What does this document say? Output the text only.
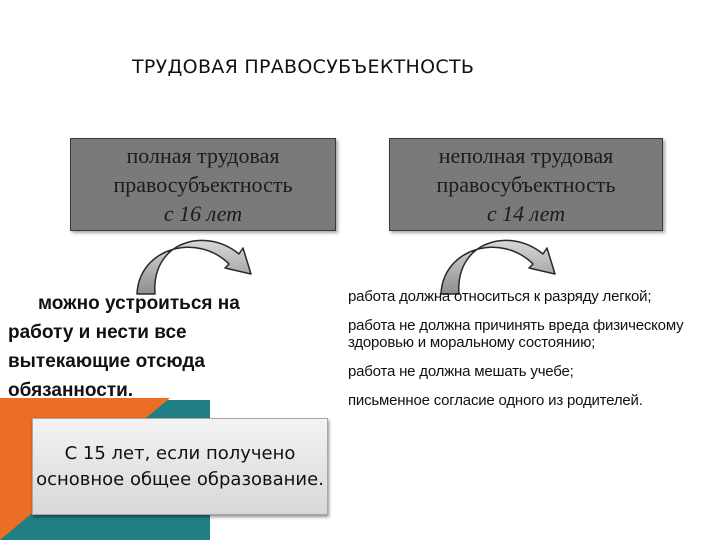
ТРУДОВАЯ ПРАВОСУБЪЕКТНОСТЬ
полная трудовая
правосубъектность
с 16 лет
неполная трудовая
правосубъектность
с 14 лет
можно устроиться на работу и нести все вытекающие отсюда обязанности.
работа должна относиться к разряду легкой;
работа не должна причинять вреда физическому здоровью и моральному состоянию;
работа не должна мешать учебе;
письменное согласие одного из родителей.
С 15 лет, если получено основное общее образование.
